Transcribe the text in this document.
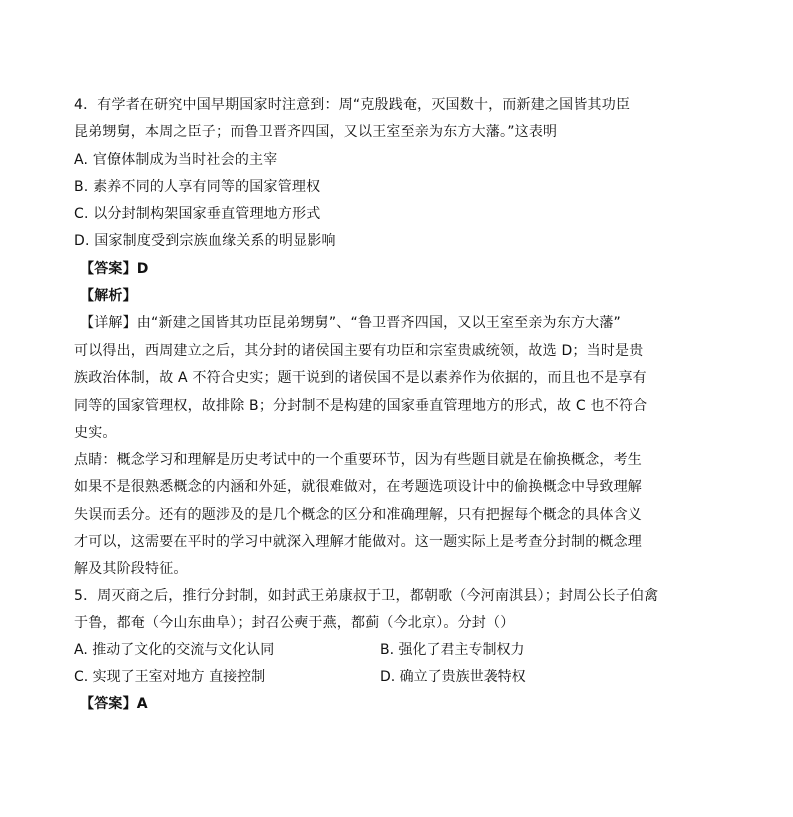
4．有学者在研究中国早期国家时注意到：周“克殷践奄，灭国数十，而新建之国皆其功臣
昆弟甥舅，本周之臣子；而鲁卫晋齐四国，又以王室至亲为东方大藩。”这表明
A. 官僚体制成为当时社会的主宰
B. 素养不同的人享有同等的国家管理权
C. 以分封制构架国家垂直管理地方形式
D. 国家制度受到宗族血缘关系的明显影响
【答案】D
【解析】
【详解】由“新建之国皆其功臣昆弟甥舅”、“鲁卫晋齐四国，又以王室至亲为东方大藩”
可以得出，西周建立之后，其分封的诸侯国主要有功臣和宗室贵戚统领，故选 D；当时是贵
族政治体制，故 A 不符合史实；题干说到的诸侯国不是以素养作为依据的，而且也不是享有
同等的国家管理权，故排除 B；分封制不是构建的国家垂直管理地方的形式，故 C 也不符合
史实。
点睛：概念学习和理解是历史考试中的一个重要环节，因为有些题目就是在偷换概念，考生
如果不是很熟悉概念的内涵和外延，就很难做对，在考题选项设计中的偷换概念中导致理解
失误而丢分。还有的题涉及的是几个概念的区分和准确理解，只有把握每个概念的具体含义
才可以，这需要在平时的学习中就深入理解才能做对。这一题实际上是考查分封制的概念理
解及其阶段特征。
5．周灭商之后，推行分封制，如封武王弟康叔于卫，都朝歌（今河南淇县）；封周公长子伯禽
于鲁，都奄（今山东曲阜）；封召公奭于燕，都蓟（今北京）。分封（）
A. 推动了文化的交流与文化认同	B. 强化了君主专制权力
C. 实现了王室对地方 直接控制	D. 确立了贵族世袭特权
【答案】A
